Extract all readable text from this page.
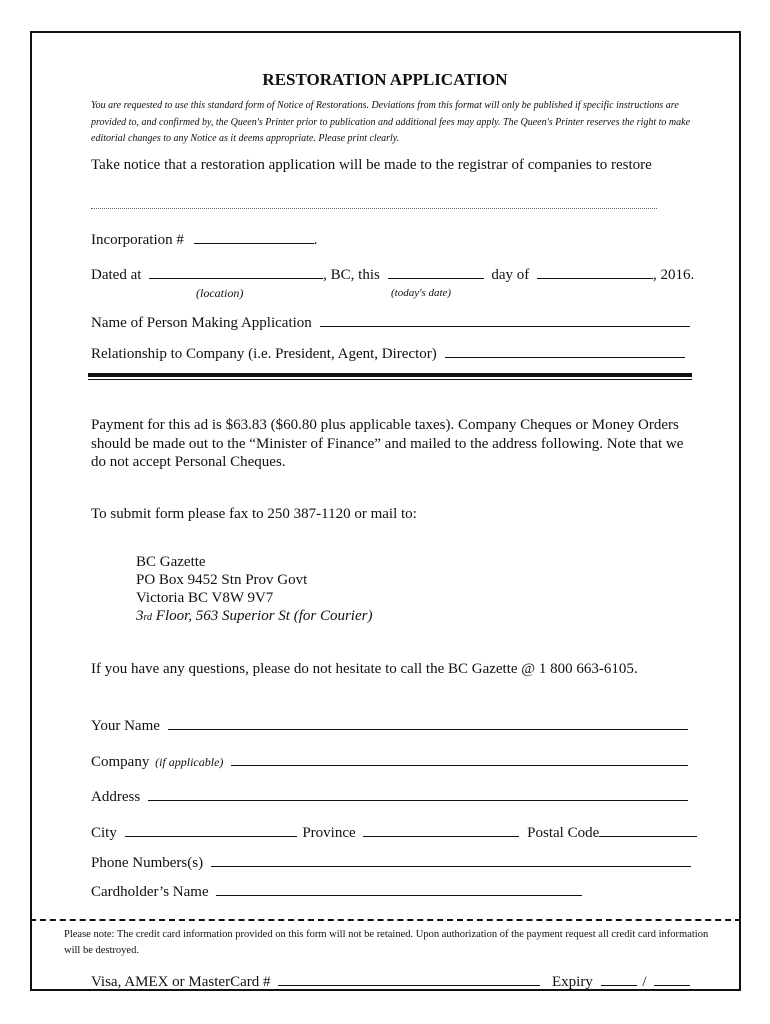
RESTORATION APPLICATION
You are requested to use this standard form of Notice of Restorations. Deviations from this format will only be published if specific instructions are provided to, and confirmed by, the Queen's Printer prior to publication and additional fees may apply. The Queen's Printer reserves the right to make editorial changes to any Notice as it deems appropriate. Please print clearly.
Take notice that a restoration application will be made to the registrar of companies to restore
Incorporation #	.
Dated at	, BC, this	day of	, 2016.
(location)	(today's date)
Name of Person Making Application
Relationship to Company (i.e. President, Agent, Director)
Payment for this ad is $63.83 ($60.80 plus applicable taxes). Company Cheques or Money Orders should be made out to the “Minister of Finance” and mailed to the address following. Note that we do not accept Personal Cheques.
To submit form please fax to 250 387-1120 or mail to:
BC Gazette
PO Box 9452 Stn Prov Govt
Victoria BC V8W 9V7
3rd Floor, 563 Superior St (for Courier)
If you have any questions, please do not hesitate to call the BC Gazette @ 1 800 663-6105.
Your Name
Company (if applicable)
Address
City	Province	Postal Code
Phone Numbers(s)
Cardholder’s Name
Please note: The credit card information provided on this form will not be retained. Upon authorization of the payment request all credit card information will be destroyed.
Visa, AMEX or MasterCard #	Expiry	/
